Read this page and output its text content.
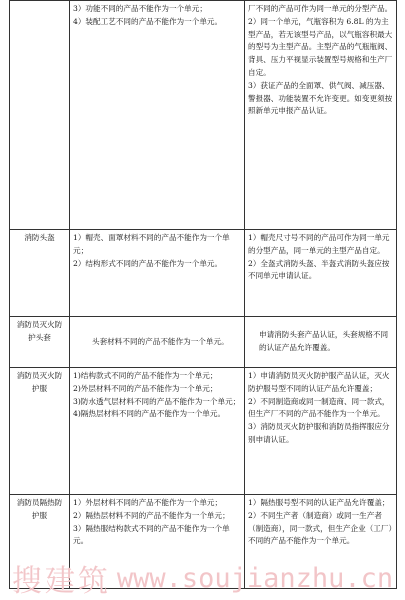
	3）功能不同的产品不能作为一个单元；
4）装配工艺不同的产品不能作为一个单元。	厂不同的产品可作为同一单元的分型产品。
2）同一个单元，气瓶容积为 6.8L 的为主型产品，若无该型号产品，以气瓶容积最大的型号为主型产品。主型产品的气瓶瓶阀、背具、压力平视显示装置型号规格和生产厂自定。
3）获证产品的全面罩、供气阀、减压器、警报器、功能装置不允许变更。如变更须按照新单元申报产品认证。

消防头盔	1）帽壳、面罩材料不同的产品不能作为一个单元；
2）结构形式不同的产品不能作为一个单元。	1）帽壳尺寸号不同的产品可作为同一单元的分型产品，同一单元的主型产品自定。
2）全盔式消防头盔、半盔式消防头盔应按不同单元申请认证。

消防员灭火防护头套	头套材料不同的产品不能作为一个单元。	申请消防头套产品认证，头套规格不同的认证产品允许覆盖。

消防员灭火防护服	1)结构款式不同的产品不能作为一个单元；
2)外层材料不同的产品不能作为一个单元；
3)防水透气层材料不同的产品不能作为一个单元；
4)隔热层材料不同的产品不能作为一个单元。	1）申请消防员灭火防护服产品认证，灭火防护服号型不同的认证产品允许覆盖；
2）不同制造商或同一制造商、同一款式，但生产厂不同的产品不能作为一个单元。
3）消防员灭火防护服和消防员指挥服应分别申请认证。

消防员隔热防护服	1）外层材料不同的产品不能作为一个单元；
2）隔热层材料不同的产品不能作为一个单元；
3）隔热服结构款式不同的产品不能作为一个单元。	1）隔热服号型不同的认证产品允许覆盖；
2）不同生产者（制造商）或同一生产者（制造商），同一款式，但生产企业（工厂）不同的产品不能作为一个单元。
搜建筑 www.soujianzhu.cn
